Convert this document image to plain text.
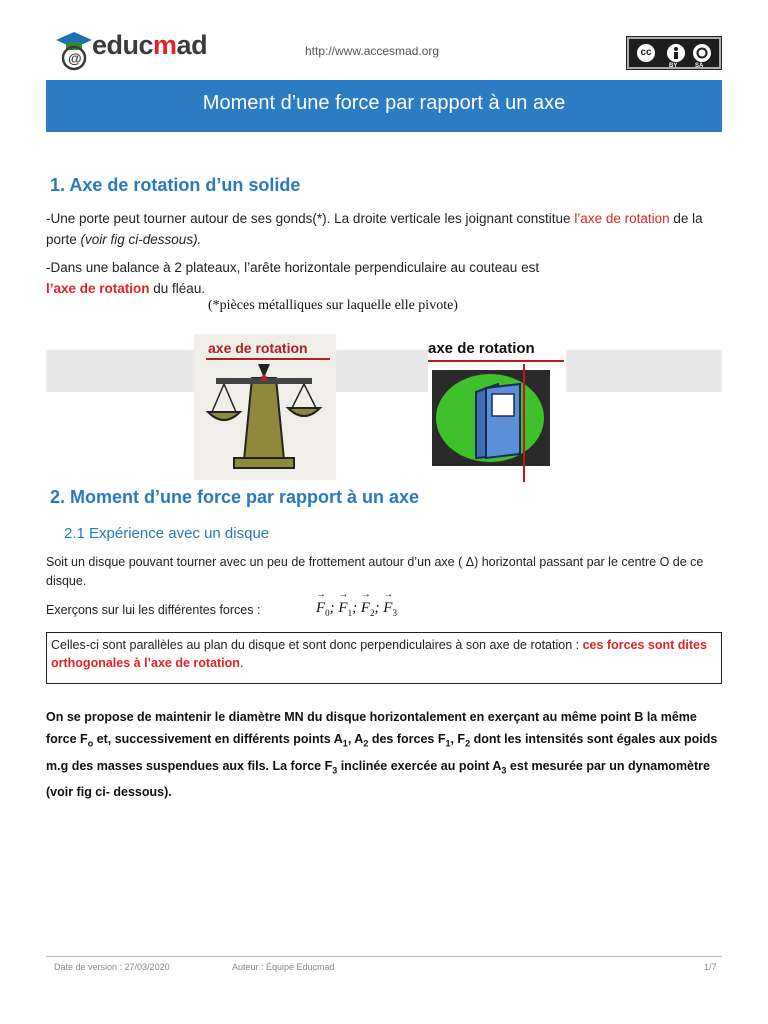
@ educmad	http://www.accesmad.org	cc
BY	SA
Moment d’une force par rapport à un axe
1. Axe de rotation d’un solide

-Une porte peut tourner autour de ses gonds(*). La droite verticale les joignant constitue l’axe de rotation de la porte (voir fig ci-dessous).

-Dans une balance à 2 plateaux, l’arête horizontale perpendiculaire au couteau est
l’axe de rotation du fléau.

(*pièces métalliques sur laquelle elle pivote)
axe de rotation	axe de rotation
2. Moment d’une force par rapport à un axe
2.1 Expérience avec un disque

Soit un disque pouvant tourner avec un peu de frottement autour d’un axe ( Δ) horizontal passant par le centre O de ce disque.

Exerçons sur lui les différentes forces :

→	$F_0$; → $F_1$; → $F_2$; → $F_3$
Celles-ci sont parallèles au plan du disque et sont donc perpendiculaires à son axe de rotation : ces forces sont dites orthogonales à l’axe de rotation.
On se propose de maintenir le diamètre MN du disque horizontalement en exerçant au même point B la même force $F_o$ et, successivement en différents points $A_1$, $A_2$ des forces $F_1$, $F_2$ dont les intensités sont égales aux poids m.g des masses suspendues aux fils. La force $F_3$ inclinée exercée au point $A_3$ est mesurée par un dynamomètre (voir fig ci- dessous).
Date de version : 27/03/2020	Auteur : Équipe Educmad	1/7
